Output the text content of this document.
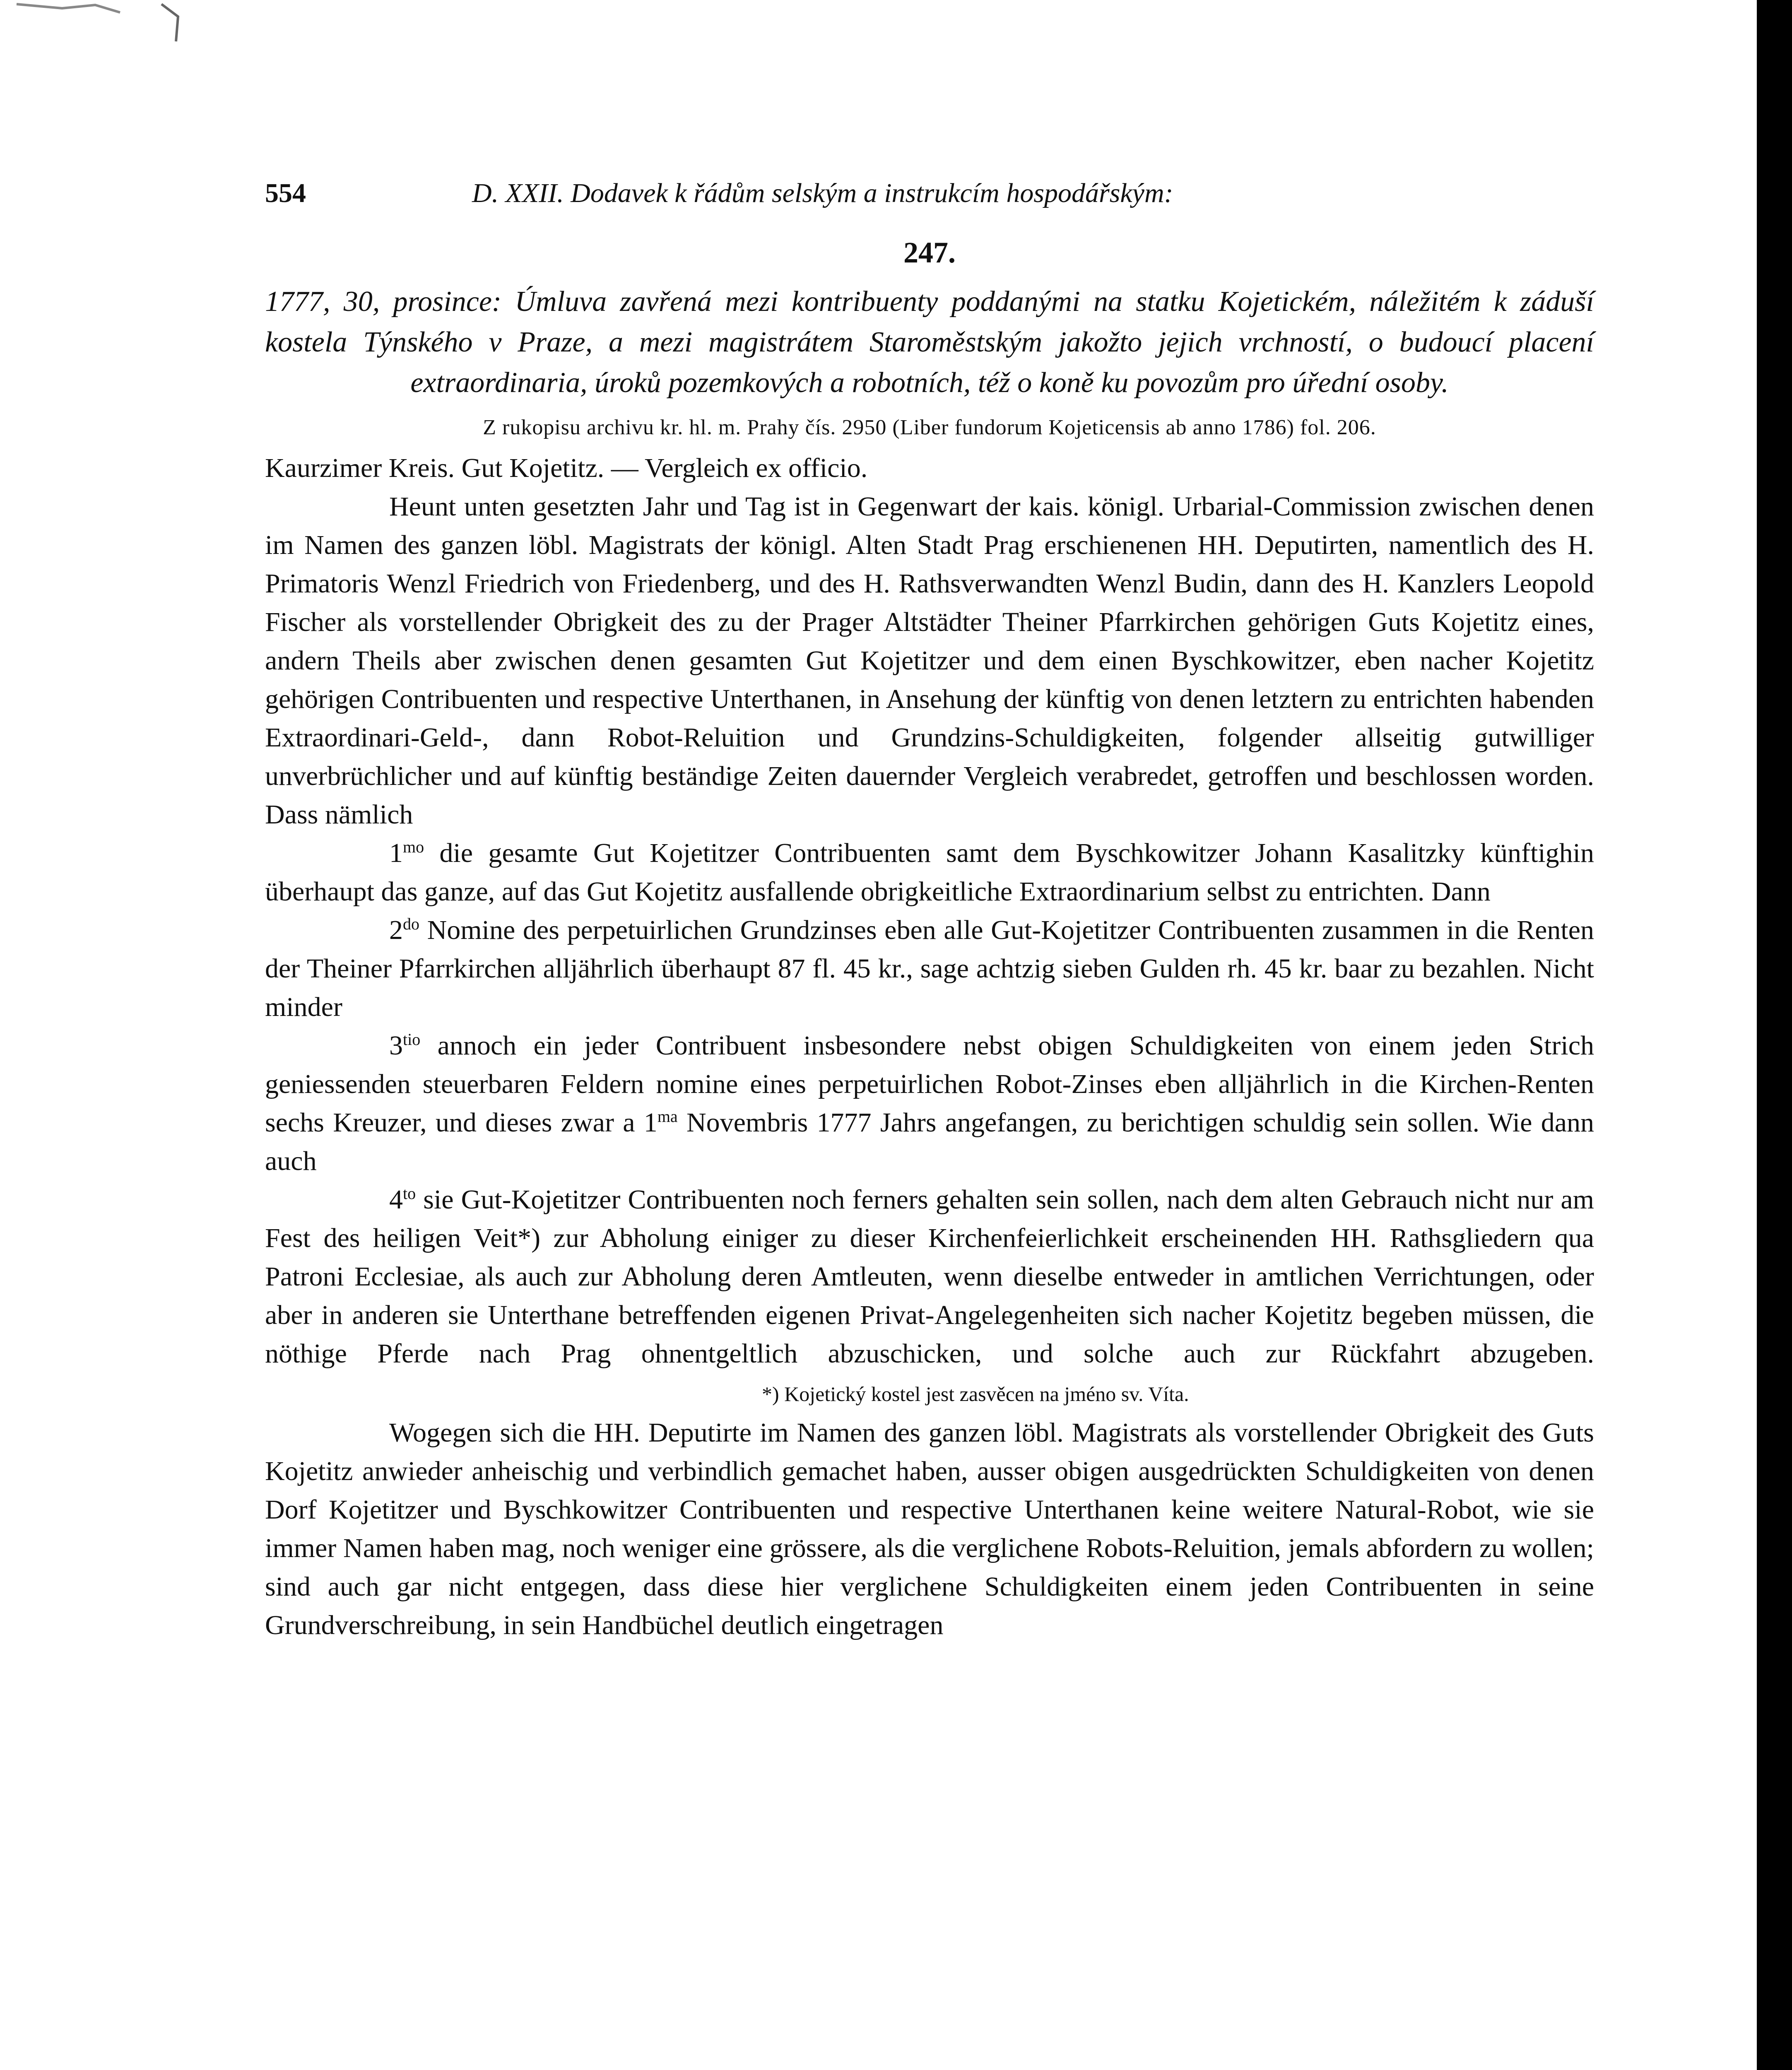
554	D. XXII. Dodavek k řádům selským a instrukcím hospodářským:
247.

1777, 30, prosince: Úmluva zavřená mezi kontribuenty poddanými na statku Kojetickém, náležitém k záduší kostela Týnského v Praze, a mezi magistrátem Staroměstským jakožto jejich vrchností, o budoucí placení extraordinaria, úroků pozemkových a robotních, též o koně ku povozům pro úřední osoby.

Z rukopisu archivu kr. hl. m. Prahy čís. 2950 (Liber fundorum Kojeticensis ab anno 1786) fol. 206.

Kaurzimer Kreis. Gut Kojetitz. — Vergleich ex officio.

Heunt unten gesetzten Jahr und Tag ist in Gegenwart der kais. königl. Urbarial-Commission zwischen denen im Namen des ganzen löbl. Magistrats der königl. Alten Stadt Prag erschienenen HH. Deputirten, namentlich des H. Primatoris Wenzl Friedrich von Friedenberg, und des H. Rathsverwandten Wenzl Budin, dann des H. Kanzlers Leopold Fischer als vorstellender Obrigkeit des zu der Prager Altstädter Theiner Pfarrkirchen gehörigen Guts Kojetitz eines, andern Theils aber zwischen denen gesamten Gut Kojetitzer und dem einen Byschkowitzer, eben nacher Kojetitz gehörigen Contribuenten und respective Unterthanen, in Ansehung der künftig von denen letztern zu entrichten habenden Extraordinari-Geld-, dann Robot-Reluition und Grundzins-Schuldigkeiten, folgender allseitig gutwilliger unverbrüchlicher und auf künftig beständige Zeiten dauernder Vergleich verabredet, getroffen und beschlossen worden. Dass nämlich

$1^{mo}$ die gesamte Gut Kojetitzer Contribuenten samt dem Byschkowitzer Johann Kasalitzky künftighin überhaupt das ganze, auf das Gut Kojetitz ausfallende obrigkeitliche Extraordinarium selbst zu entrichten. Dann

$2^{do}$ Nomine des perpetuirlichen Grundzinses eben alle Gut-Kojetitzer Contribuenten zusammen in die Renten der Theiner Pfarrkirchen alljährlich überhaupt 87 fl. 45 kr., sage achtzig sieben Gulden rh. 45 kr. baar zu bezahlen. Nicht minder

$3^{tio}$ annoch ein jeder Contribuent insbesondere nebst obigen Schuldigkeiten von einem jeden Strich geniessenden steuerbaren Feldern nomine eines perpetuirlichen Robot-Zinses eben alljährlich in die Kirchen-Renten sechs Kreuzer, und dieses zwar a $1^{ma}$ Novembris 1777 Jahrs angefangen, zu berichtigen schuldig sein sollen. Wie dann auch

$4^{to}$ sie Gut-Kojetitzer Contribuenten noch ferners gehalten sein sollen, nach dem alten Gebrauch nicht nur am Fest des heiligen Veit*) zur Abholung einiger zu dieser Kirchenfeierlichkeit erscheinenden HH. Rathsgliedern qua Patroni Ecclesiae, als auch zur Abholung deren Amtleuten, wenn dieselbe entweder in amtlichen Verrichtungen, oder aber in anderen sie Unterthane betreffenden eigenen Privat-Angelegenheiten sich nacher Kojetitz begeben müssen, die nöthige Pferde nach Prag ohnentgeltlich abzuschicken, und solche auch zur Rückfahrt abzugeben.*) Kojetický kostel jest zasvěcen na jméno sv. Víta.

Wogegen sich die HH. Deputirte im Namen des ganzen löbl. Magistrats als vorstellender Obrigkeit des Guts Kojetitz anwieder anheischig und verbindlich gemachet haben, ausser obigen ausgedrückten Schuldigkeiten von denen Dorf Kojetitzer und Byschkowitzer Contribuenten und respective Unterthanen keine weitere Natural-Robot, wie sie immer Namen haben mag, noch weniger eine grössere, als die verglichene Robots-Reluition, jemals abfordern zu wollen; sind auch gar nicht entgegen, dass diese hier verglichene Schuldigkeiten einem jeden Contribuenten in seine Grundverschreibung, in sein Handbüchel deutlich eingetragen
